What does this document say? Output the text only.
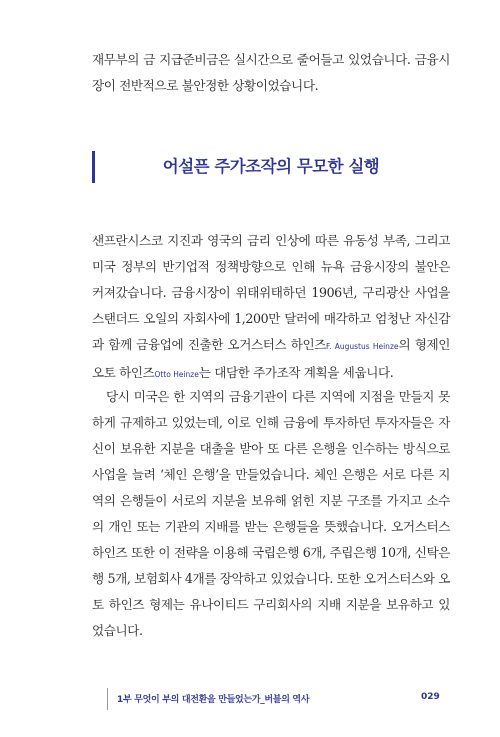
재무부의 금 지급준비금은 실시간으로 줄어들고 있었습니다. 금융시장이 전반적으로 불안정한 상황이었습니다.

어설픈 주가조작의 무모한 실행

샌프란시스코 지진과 영국의 금리 인상에 따른 유동성 부족, 그리고 미국 정부의 반기업적 정책방향으로 인해 뉴욕 금융시장의 불안은 커져갔습니다. 금융시장이 위태위태하던 1906년, 구리광산 사업을 스탠더드 오일의 자회사에 1,200만 달러에 매각하고 엄청난 자신감과 함께 금융업에 진출한 오거스터스 하인즈F. Augustus Heinze의 형제인 오토 하인즈Otto Heinze는 대담한 주가조작 계획을 세웁니다.

당시 미국은 한 지역의 금융기관이 다른 지역에 지점을 만들지 못하게 규제하고 있었는데, 이로 인해 금융에 투자하던 투자자들은 자신이 보유한 지분을 대출을 받아 또 다른 은행을 인수하는 방식으로 사업을 늘려 ‘체인 은행’을 만들었습니다. 체인 은행은 서로 다른 지역의 은행들이 서로의 지분을 보유해 얽힌 지분 구조를 가지고 소수의 개인 또는 기관의 지배를 받는 은행들을 뜻했습니다. 오거스터스 하인즈 또한 이 전략을 이용해 국립은행 6개, 주립은행 10개, 신탁은행 5개, 보험회사 4개를 장악하고 있었습니다. 또한 오거스터스와 오토 하인즈 형제는 유나이티드 구리회사의 지배 지분을 보유하고 있었습니다.

1부 무엇이 부의 대전환을 만들었는가_버블의 역사	029
